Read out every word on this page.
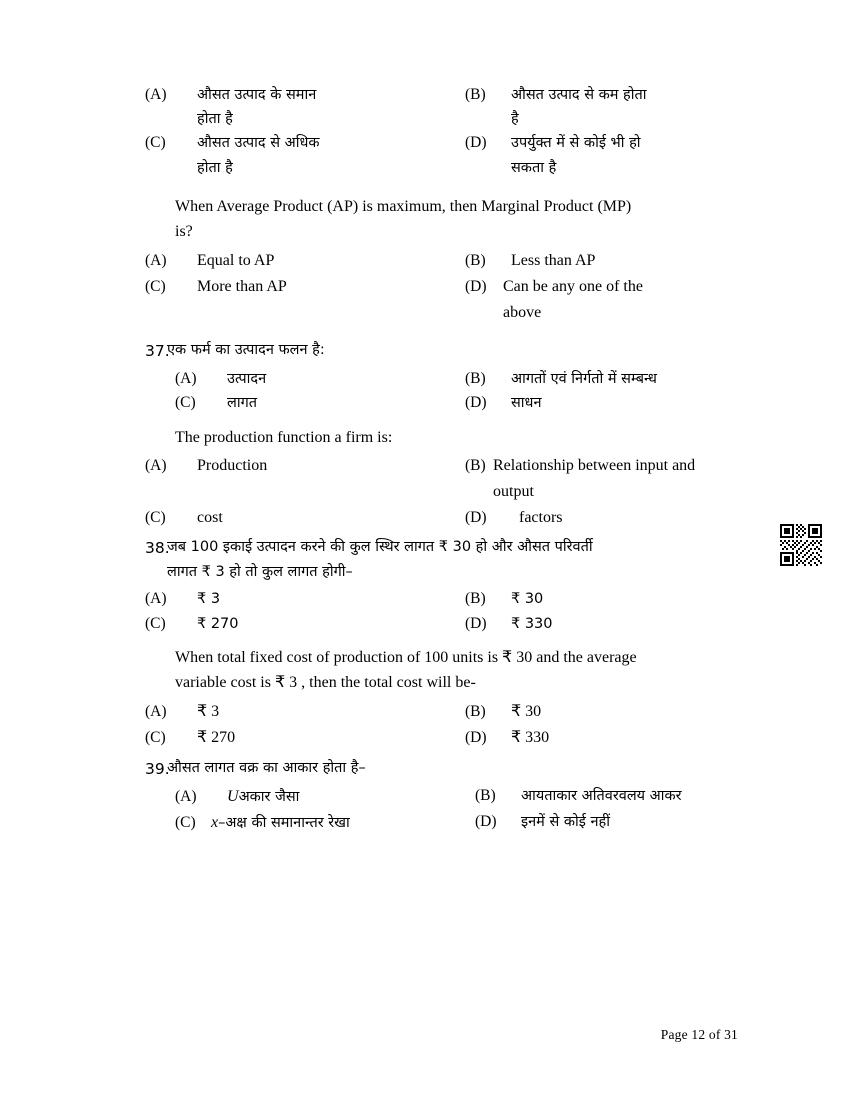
(A)	औसत उत्पाद के समान	(B)	औसत उत्पाद से कम होता
होता है	है
(C)	औसत उत्पाद से अधिक	(D)	उपर्युक्त में से कोई भी हो
होता है	सकता है
When Average Product (AP) is maximum, then Marginal Product (MP)
is?
(A)	Equal to AP	(B)	Less than AP
(C)	More than AP	(D)	Can be any one of the
above
37.
एक फर्म का उत्पादन फलन है:
(A)	उत्पादन	(B)	आगतों एवं निर्गतो में सम्बन्ध
(C)	लागत	(D)	साधन
The production function a firm is:
(A)	Production	(B) Relationship between input and
output
(C)	cost	(D)	factors
38.
जब 100 इकाई उत्पादन करने की कुल स्थिर लागत ₹ 30 हो और औसत परिवर्ती
लागत ₹ 3 हो तो कुल लागत होगी–
(A)	₹ 3	(B)	₹ 30
(C)	₹ 270	(D)	₹ 330
When total fixed cost of production of 100 units is ₹ 30 and the average
variable cost is ₹ 3 , then the total cost will be-
(A)	₹ 3	(B)	₹ 30
(C)	₹ 270	(D)	₹ 330
39.
औसत लागत वक्र का आकार होता है–
(A)	U अकार जैसा	(B)	आयताकार अतिवरवलय आकर
(C) x –अक्ष की समानान्तर रेखा	(D)	इनमें से कोई नहीं
Page 12 of 31
